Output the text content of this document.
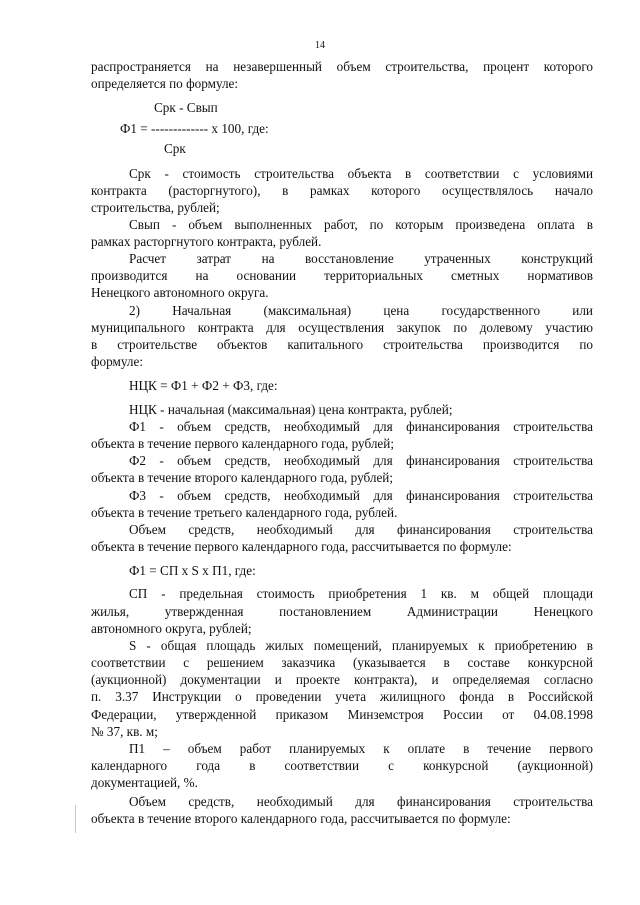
14
распространяется на незавершенный объем строительства, процент которого
определяется по формуле:
Срк - Свып
Ф1 = ------------- х 100, где:
Срк
Срк - стоимость строительства объекта в соответствии с условиями
контракта (расторгнутого), в рамках которого осуществлялось начало
строительства, рублей;
Свып - объем выполненных работ, по которым произведена оплата в
рамках расторгнутого контракта, рублей.
Расчет затрат на восстановление утраченных конструкций
производится на основании территориальных сметных нормативов
Ненецкого автономного округа.
2) Начальная (максимальная) цена государственного или
муниципального контракта для осуществления закупок по долевому участию
в строительстве объектов капитального строительства производится по
формуле:
НЦК = Ф1 + Ф2 + Ф3, где:
НЦК - начальная (максимальная) цена контракта, рублей;
Ф1 - объем средств, необходимый для финансирования строительства
объекта в течение первого календарного года, рублей;
Ф2 - объем средств, необходимый для финансирования строительства
объекта в течение второго календарного года, рублей;
Ф3 - объем средств, необходимый для финансирования строительства
объекта в течение третьего календарного года, рублей.
Объем средств, необходимый для финансирования строительства
объекта в течение первого календарного года, рассчитывается по формуле:
Ф1 = СП х S х П1, где:
СП - предельная стоимость приобретения 1 кв. м общей площади
жилья, утвержденная постановлением Администрации Ненецкого
автономного округа, рублей;
S - общая площадь жилых помещений, планируемых к приобретению в
соответствии с решением заказчика (указывается в составе конкурсной
(аукционной) документации и проекте контракта), и определяемая согласно
п. 3.37 Инструкции о проведении учета жилищного фонда в Российской
Федерации, утвержденной приказом Минземстроя России от 04.08.1998
№ 37, кв. м;
П1 – объем работ планируемых к оплате в течение первого
календарного года в соответствии с конкурсной (аукционной)
документацией, %.
Объем средств, необходимый для финансирования строительства
объекта в течение второго календарного года, рассчитывается по формуле:
